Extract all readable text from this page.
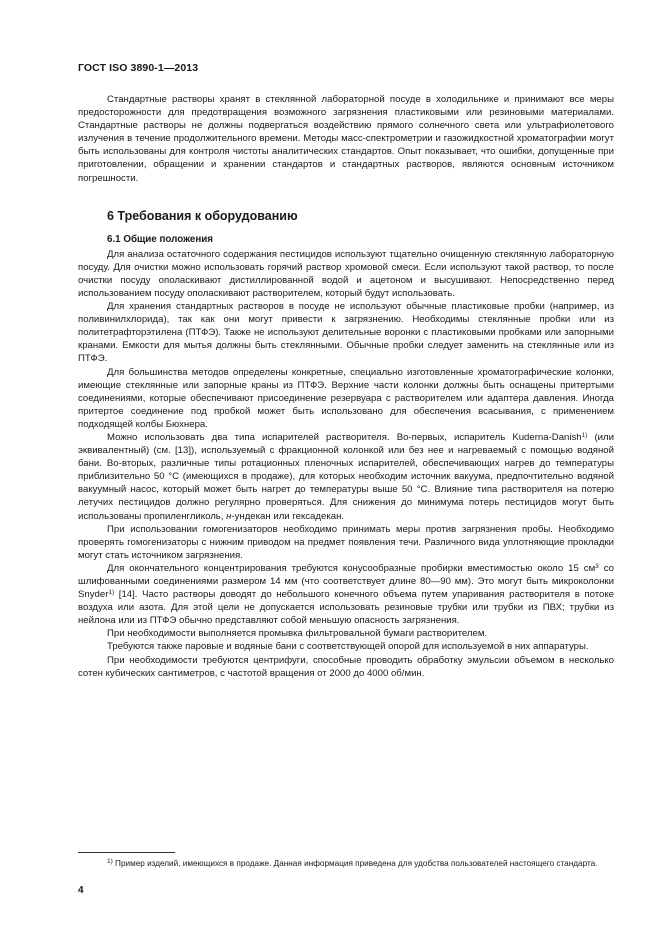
ГОСТ ISO 3890-1—2013

Стандартные растворы хранят в стеклянной лабораторной посуде в холодильнике и принимают все меры предосторожности для предотвращения возможного загрязнения пластиковыми или резиновыми материалами. Стандартные растворы не должны подвергаться воздействию прямого солнечного света или ультрафиолетового излучения в течение продолжительного времени. Методы масс-спектрометрии и газожидкостной хроматографии могут быть использованы для контроля чистоты аналитических стандартов. Опыт показывает, что ошибки, допущенные при приготовлении, обращении и хранении стандартов и стандартных растворов, являются основным источником погрешности.

6 Требования к оборудованию
6.1 Общие положения

Для анализа остаточного содержания пестицидов используют тщательно очищенную стеклянную лабораторную посуду. Для очистки можно использовать горячий раствор хромовой смеси. Если используют такой раствор, то после очистки посуду ополаскивают дистиллированной водой и ацетоном и высушивают. Непосредственно перед использованием посуду ополаскивают растворителем, который будут использовать.

Для хранения стандартных растворов в посуде не используют обычные пластиковые пробки (например, из поливинилхлорида), так как они могут привести к загрязнению. Необходимы стеклянные пробки или из политетрафторэтилена (ПТФЭ). Также не используют делительные воронки с пластиковыми пробками или запорными кранами. Емкости для мытья должны быть стеклянными. Обычные пробки следует заменить на стеклянные или из ПТФЭ.

Для большинства методов определены конкретные, специально изготовленные хроматографические колонки, имеющие стеклянные или запорные краны из ПТФЭ. Верхние части колонки должны быть оснащены притертыми соединениями, которые обеспечивают присоединение резервуара с растворителем или адаптера давления. Иногда притертое соединение под пробкой может быть использовано для обеспечения всасывания, с применением подходящей колбы Бюхнера.

Можно использовать два типа испарителей растворителя. Во-первых, испаритель Kuderna-Danish$^{1)}$ (или эквивалентный) (см. [13]), используемый с фракционной колонкой или без нее и нагреваемый с помощью водяной бани. Во-вторых, различные типы ротационных пленочных испарителей, обеспечивающих нагрев до температуры приблизительно 50 °С (имеющихся в продаже), для которых необходим источник вакуума, предпочтительно водяной вакуумный насос, который может быть нагрет до температуры выше 50 °С. Влияние типа растворителя на потерю летучих пестицидов должно регулярно проверяться. Для снижения до минимума потерь пестицидов могут быть использованы пропиленгликоль, н-ундекан или гексадекан.

При использовании гомогенизаторов необходимо принимать меры против загрязнения пробы. Необходимо проверять гомогенизаторы с нижним приводом на предмет появления течи. Различного вида уплотняющие прокладки могут стать источником загрязнения.

Для окончательного концентрирования требуются конусообразные пробирки вместимостью около 15 $см^3$ со шлифованными соединениями размером 14 мм (что соответствует длине 80—90 мм). Это могут быть микроколонки Snyder$^{1)}$ [14]. Часто растворы доводят до небольшого конечного объема путем упаривания растворителя в потоке воздуха или азота. Для этой цели не допускается использовать резиновые трубки или трубки из ПВХ; трубки из нейлона или из ПТФЭ обычно представляют собой меньшую опасность загрязнения.

При необходимости выполняется промывка фильтровальной бумаги растворителем.

Требуются также паровые и водяные бани с соответствующей опорой для используемой в них аппаратуры.

При необходимости требуются центрифуги, способные проводить обработку эмульсии объемом в несколько сотен кубических сантиметров, с частотой вращения от 2000 до 4000 об/мин.

$^{1)}$ Пример изделий, имеющихся в продаже. Данная информация приведена для удобства пользователей настоящего стандарта.

4
